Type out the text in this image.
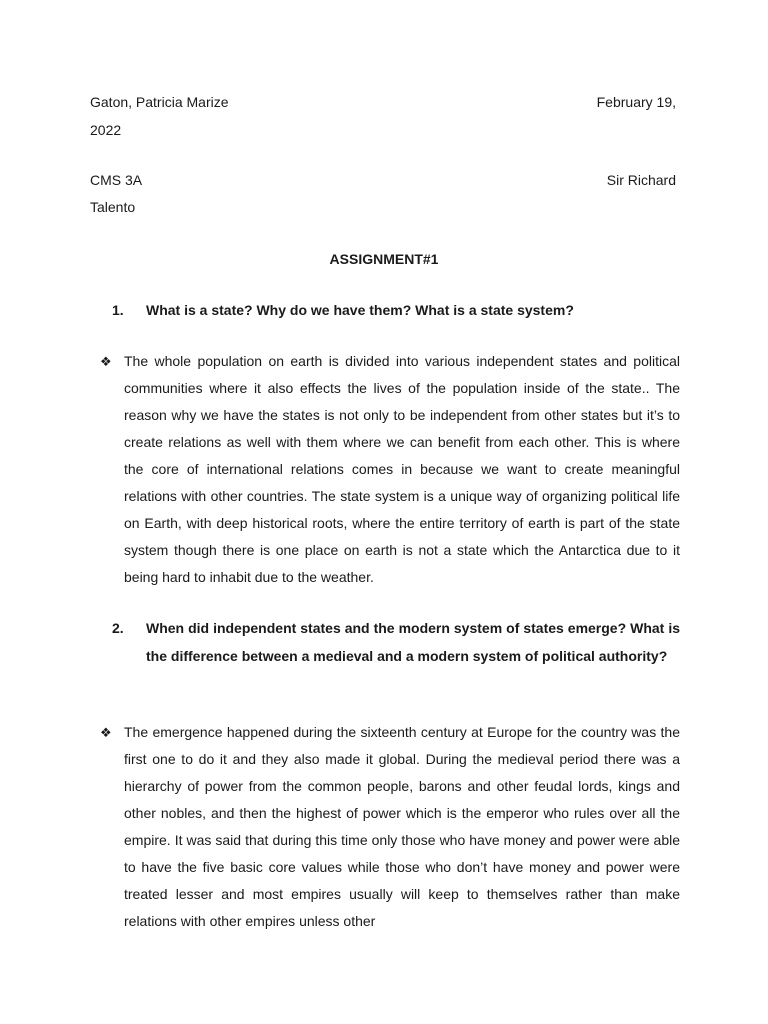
Gaton, Patricia Marize	February 19,
2022
CMS 3A	Sir Richard
Talento
ASSIGNMENT#1
1. What is a state? Why do we have them? What is a state system?
❖ The whole population on earth is divided into various independent states and political communities where it also effects the lives of the population inside of the state.. The reason why we have the states is not only to be independent from other states but it’s to create relations as well with them where we can benefit from each other. This is where the core of international relations comes in because we want to create meaningful relations with other countries. The state system is a unique way of organizing political life on Earth, with deep historical roots, where the entire territory of earth is part of the state system though there is one place on earth is not a state which the Antarctica due to it being hard to inhabit due to the weather.
2. When did independent states and the modern system of states emerge? What is the difference between a medieval and a modern system of political authority?
❖ The emergence happened during the sixteenth century at Europe for the country was the first one to do it and they also made it global. During the medieval period there was a hierarchy of power from the common people, barons and other feudal lords, kings and other nobles, and then the highest of power which is the emperor who rules over all the empire. It was said that during this time only those who have money and power were able to have the five basic core values while those who don’t have money and power were treated lesser and most empires usually will keep to themselves rather than make relations with other empires unless other
